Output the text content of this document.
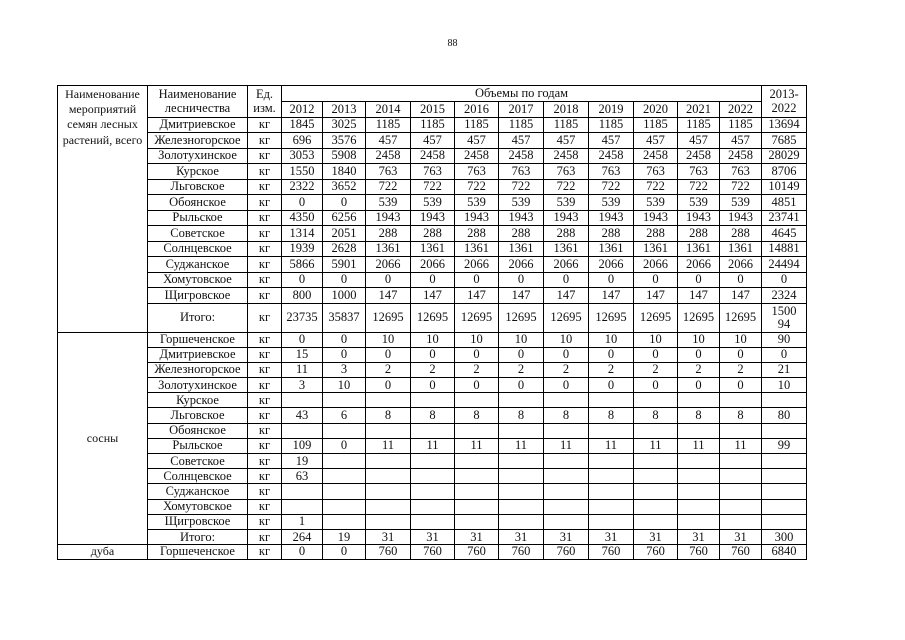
88
Наименование мероприятий	Наименование лесничества	Ед. изм.	Объемы по годам											2013-2022
			2012	2013	2014	2015	2016	2017	2018	2019	2020	2021	2022	
семян лесных растений, всего	Дмитриевское	кг	1845	3025	1185	1185	1185	1185	1185	1185	1185	1185	1185	13694
	Железногорское	кг	696	3576	457	457	457	457	457	457	457	457	457	7685
	Золотухинское	кг	3053	5908	2458	2458	2458	2458	2458	2458	2458	2458	2458	28029
	Курское	кг	1550	1840	763	763	763	763	763	763	763	763	763	8706
	Льговское	кг	2322	3652	722	722	722	722	722	722	722	722	722	10149
	Обоянское	кг	0	0	539	539	539	539	539	539	539	539	539	4851
	Рыльское	кг	4350	6256	1943	1943	1943	1943	1943	1943	1943	1943	1943	23741
	Советское	кг	1314	2051	288	288	288	288	288	288	288	288	288	4645
	Солнцевское	кг	1939	2628	1361	1361	1361	1361	1361	1361	1361	1361	1361	14881
	Суджанское	кг	5866	5901	2066	2066	2066	2066	2066	2066	2066	2066	2066	24494
	Хомутовское	кг	0	0	0	0	0	0	0	0	0	0	0	0
	Щигровское	кг	800	1000	147	147	147	147	147	147	147	147	147	2324
	Итого:	кг	23735	35837	12695	12695	12695	12695	12695	12695	12695	12695	12695	150094
сосны	Горшеченское	кг	0	0	10	10	10	10	10	10	10	10	10	90
	Дмитриевское	кг	15	0	0	0	0	0	0	0	0	0	0	0
	Железногорское	кг	11	3	2	2	2	2	2	2	2	2	2	21
	Золотухинское	кг	3	10	0	0	0	0	0	0	0	0	0	10
	Курское	кг												
	Льговское	кг	43	6	8	8	8	8	8	8	8	8	8	80
	Обоянское	кг												
	Рыльское	кг	109	0	11	11	11	11	11	11	11	11	11	99
	Советское	кг	19											
	Солнцевское	кг	63											
	Суджанское	кг												
	Хомутовское	кг												
	Щигровское	кг	1											
	Итого:	кг	264	19	31	31	31	31	31	31	31	31	31	300
дуба	Горшеченское	кг	0	0	760	760	760	760	760	760	760	760	760	6840
